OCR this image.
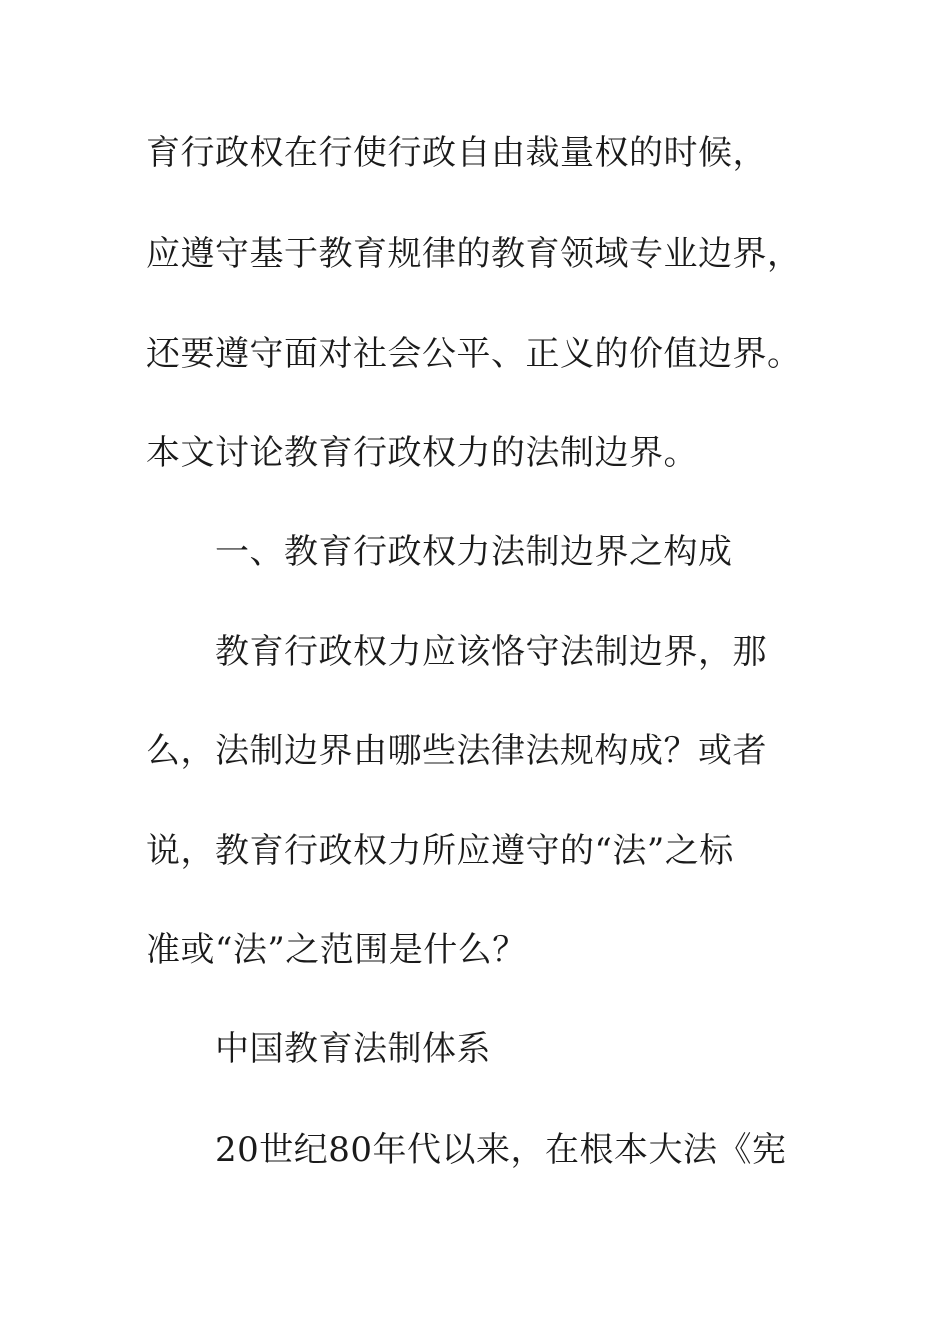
育行政权在行使行政自由裁量权的时候，
应遵守基于教育规律的教育领域专业边界，
还要遵守面对社会公平、正义的价值边界。
本文讨论教育行政权力的法制边界。
一、教育行政权力法制边界之构成
教育行政权力应该恪守法制边界，那
么，法制边界由哪些法律法规构成？或者
说，教育行政权力所应遵守的“法”之标
准或“法”之范围是什么？
中国教育法制体系
20世纪80年代以来，在根本大法《宪
